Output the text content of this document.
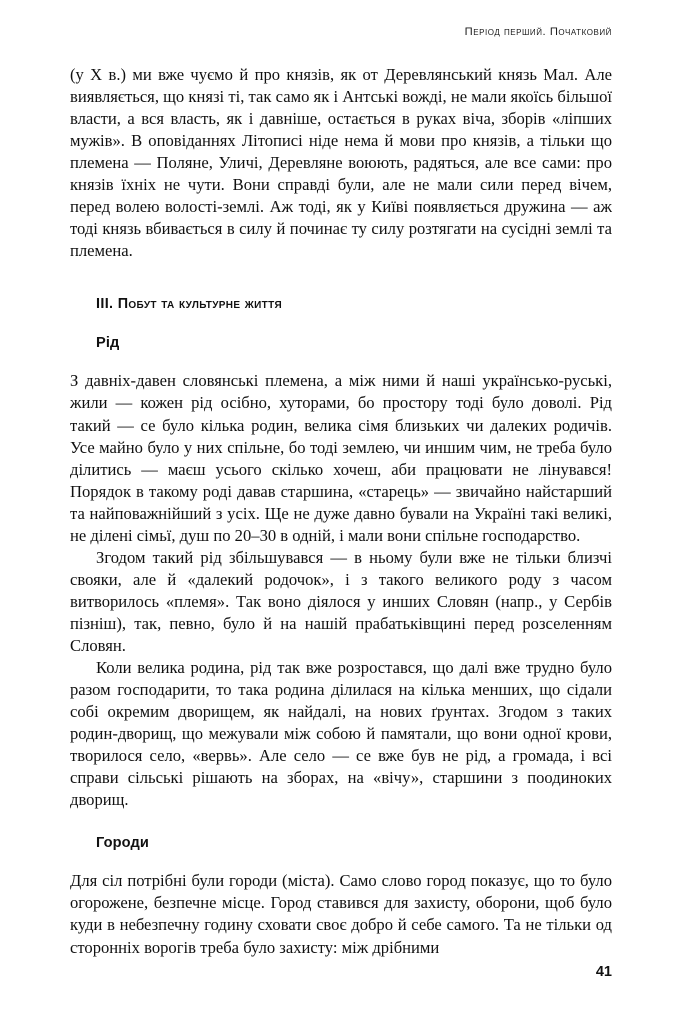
Період перший. Початковий

(у X в.) ми вже чуємо й про князів, як от Деревлянський князь Мал. Але виявляється, що князі ті, так само як і Антські вожді, не мали якоїсь більшої власти, а вся власть, як і давніше, остається в руках віча, зборів «ліпших мужів». В оповіданнях Літописі ніде нема й мови про князів, а тільки що племена — Поляне, Уличі, Деревляне воюють, радяться, але все сами: про князів їхніх не чути. Вони справді були, але не мали сили перед вічем, перед волею волості-землі. Аж тоді, як у Київі появляється дружина — аж тоді князь вбивається в силу й починає ту силу розтягати на сусідні землі та племена.

III. Побут та культурне життя
Рід

З давніх-давен словянські племена, а між ними й наші українсько-руські, жили — кожен рід осібно, хуторами, бо простору тоді було доволі. Рід такий — се було кілька родин, велика сімя близьких чи далеких родичів. Усе майно було у них спільне, бо тоді землею, чи иншим чим, не треба було ділитись — маєш усього скілько хочеш, аби працювати не лінувався! Порядок в такому роді давав старшина, «старець» — звичайно найстарший та найповажнійший з усіх. Ще не дуже давно бували на Україні такі великі, не ділені сімьї, душ по 20–30 в одній, і мали вони спільне господарство.

Згодом такий рід збільшувався — в ньому були вже не тільки близчі свояки, але й «далекий родочок», і з такого великого роду з часом витворилось «племя». Так воно діялося у инших Словян (напр., у Сербів пізніш), так, певно, було й на нашій прабатьківщині перед розселенням Словян.

Коли велика родина, рід так вже розростався, що далі вже трудно було разом господарити, то така родина ділилася на кілька менших, що сідали собі окремим дворищем, як найдалі, на нових ґрунтах. Згодом з таких родин-дворищ, що межували між собою й памятали, що вони одної крови, творилося село, «вервь». Але село — се вже був не рід, а громада, і всі справи сільські рішають на зборах, на «вічу», старшини з поодиноких дворищ.

Городи

Для сіл потрібні були городи (міста). Само слово город показує, що то було огорожене, безпечне місце. Город ставився для захисту, оборони, щоб було куди в небезпечну годину сховати своє добро й себе самого. Та не тільки од сторонніх ворогів треба було захисту: між дрібними

41
